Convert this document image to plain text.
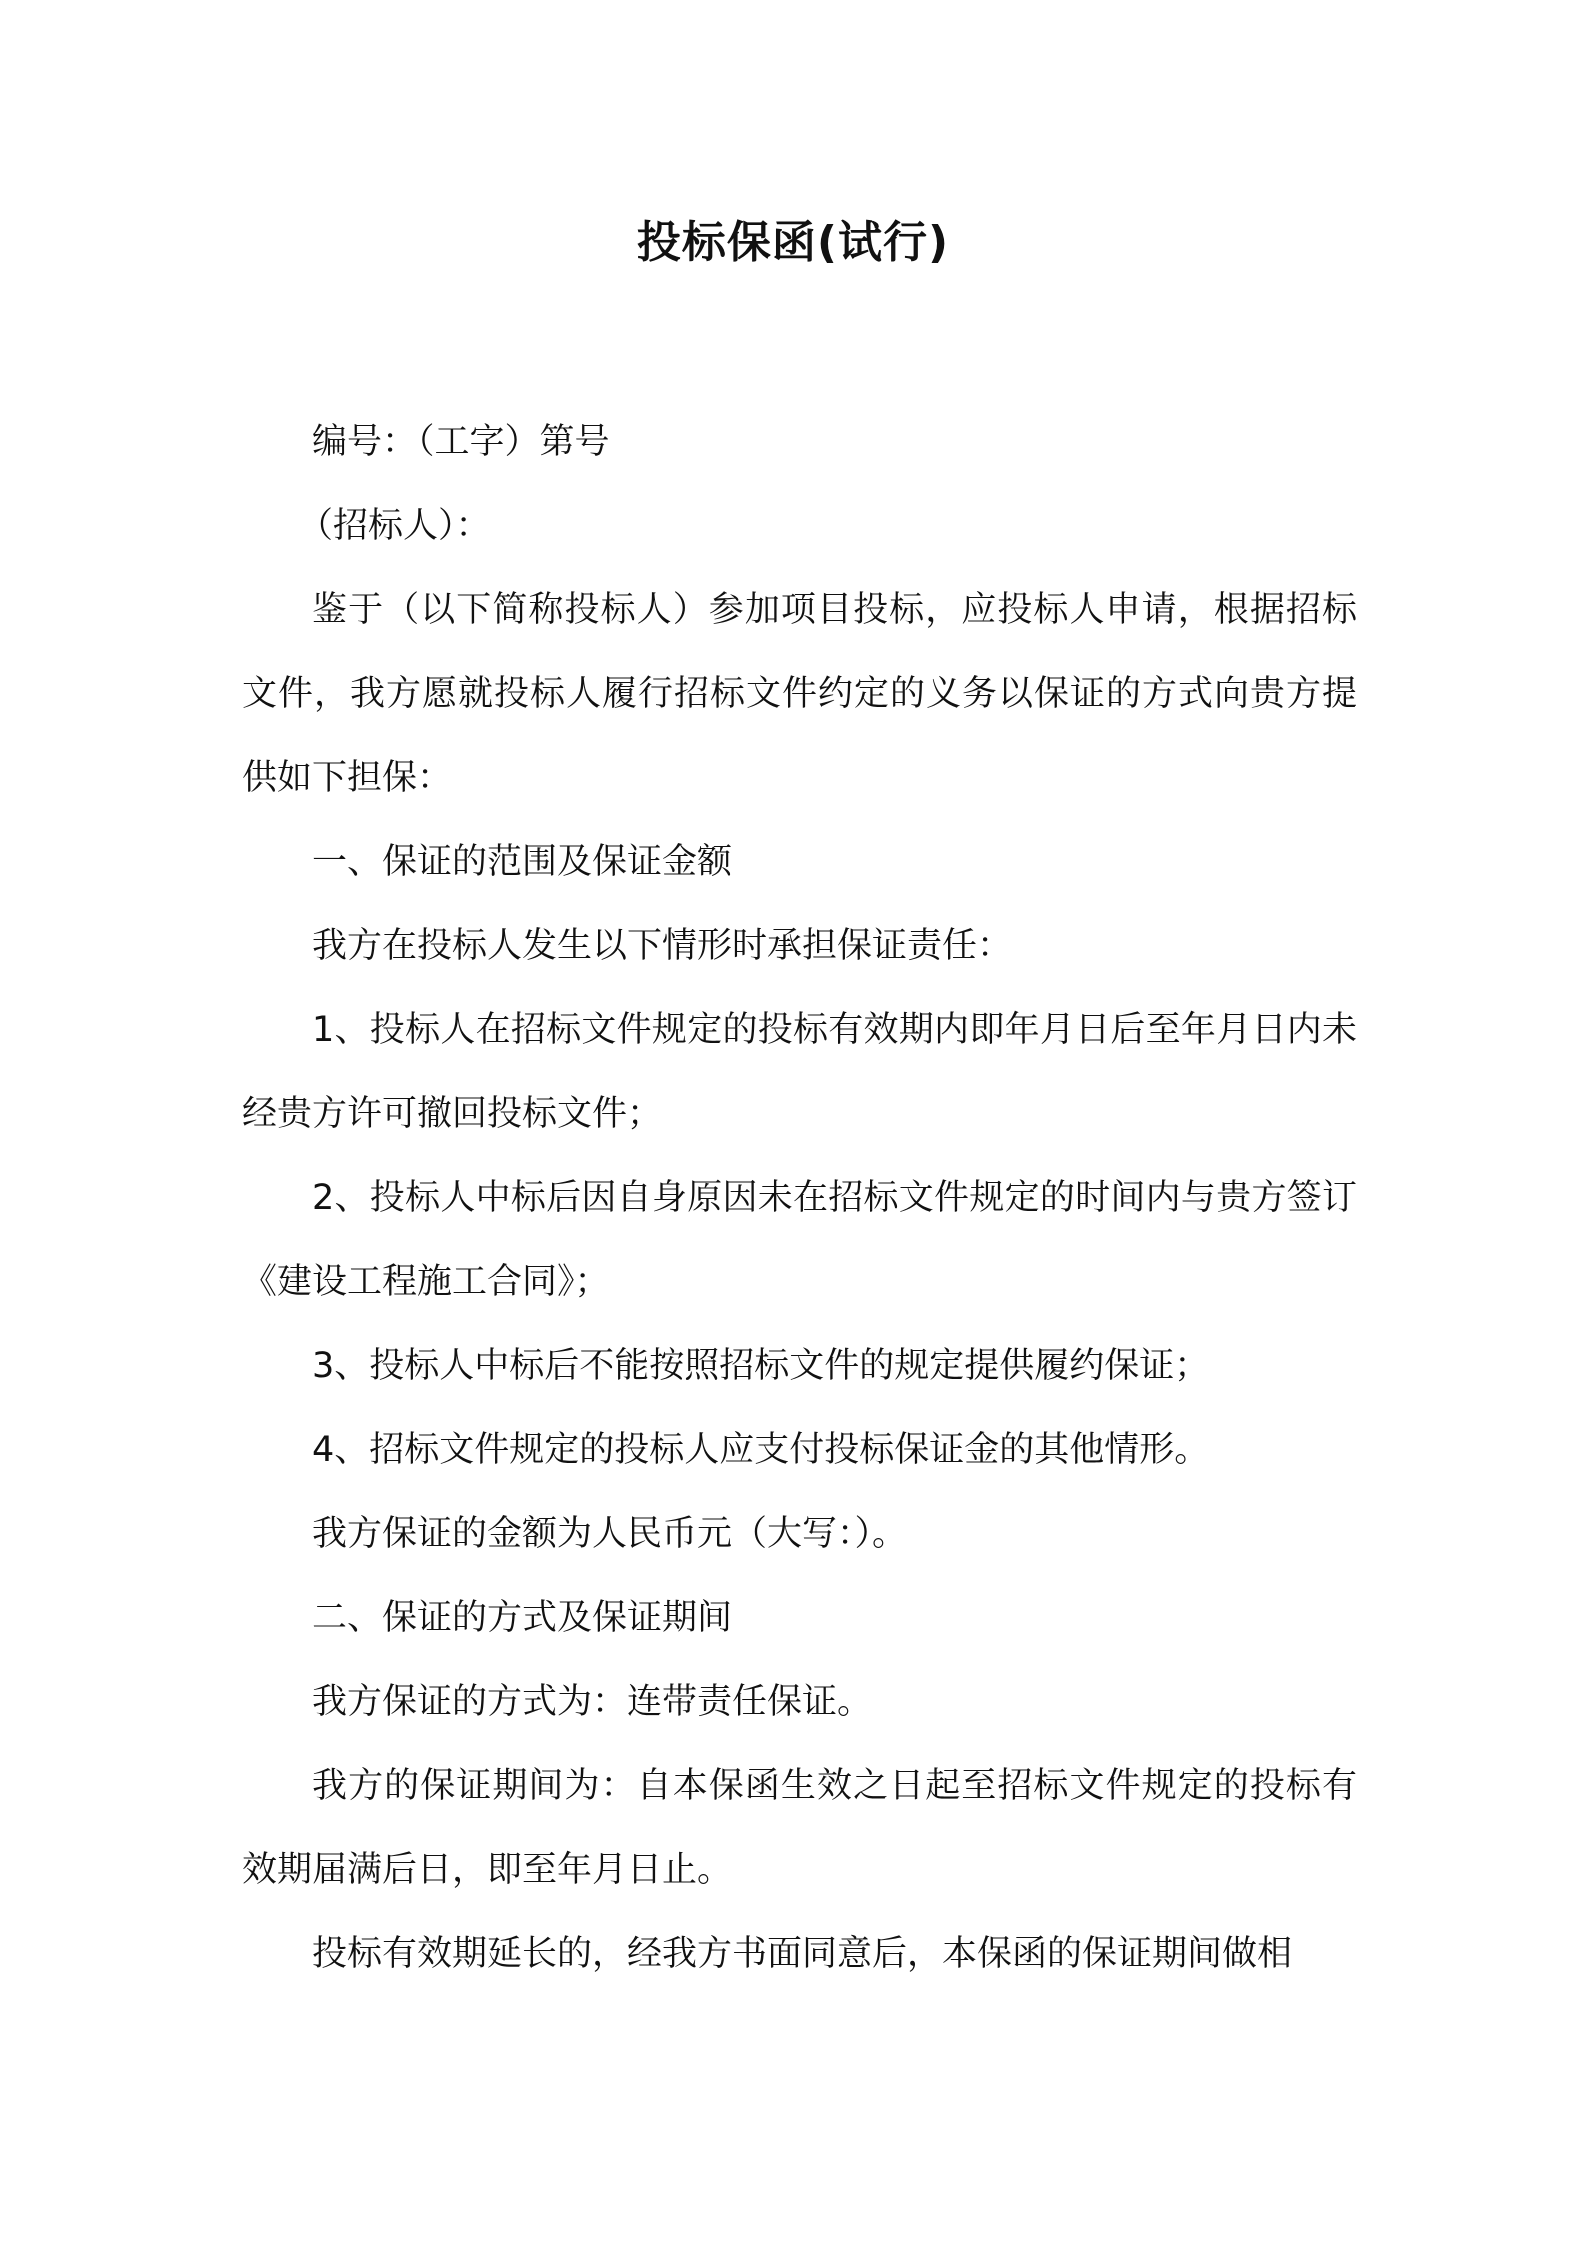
投标保函(试行)

编号：（工字）第号

（招标人）：

鉴于（以下简称投标人）参加项目投标，应投标人申请，根据招标文件，我方愿就投标人履行招标文件约定的义务以保证的方式向贵方提供如下担保：

一、保证的范围及保证金额

我方在投标人发生以下情形时承担保证责任：

1、投标人在招标文件规定的投标有效期内即年月日后至年月日内未经贵方许可撤回投标文件；

2、投标人中标后因自身原因未在招标文件规定的时间内与贵方签订《建设工程施工合同》；

3、投标人中标后不能按照招标文件的规定提供履约保证；

4、招标文件规定的投标人应支付投标保证金的其他情形。

我方保证的金额为人民币元（大写：）。

二、保证的方式及保证期间

我方保证的方式为：连带责任保证。

我方的保证期间为：自本保函生效之日起至招标文件规定的投标有效期届满后日，即至年月日止。

投标有效期延长的，经我方书面同意后，本保函的保证期间做相
